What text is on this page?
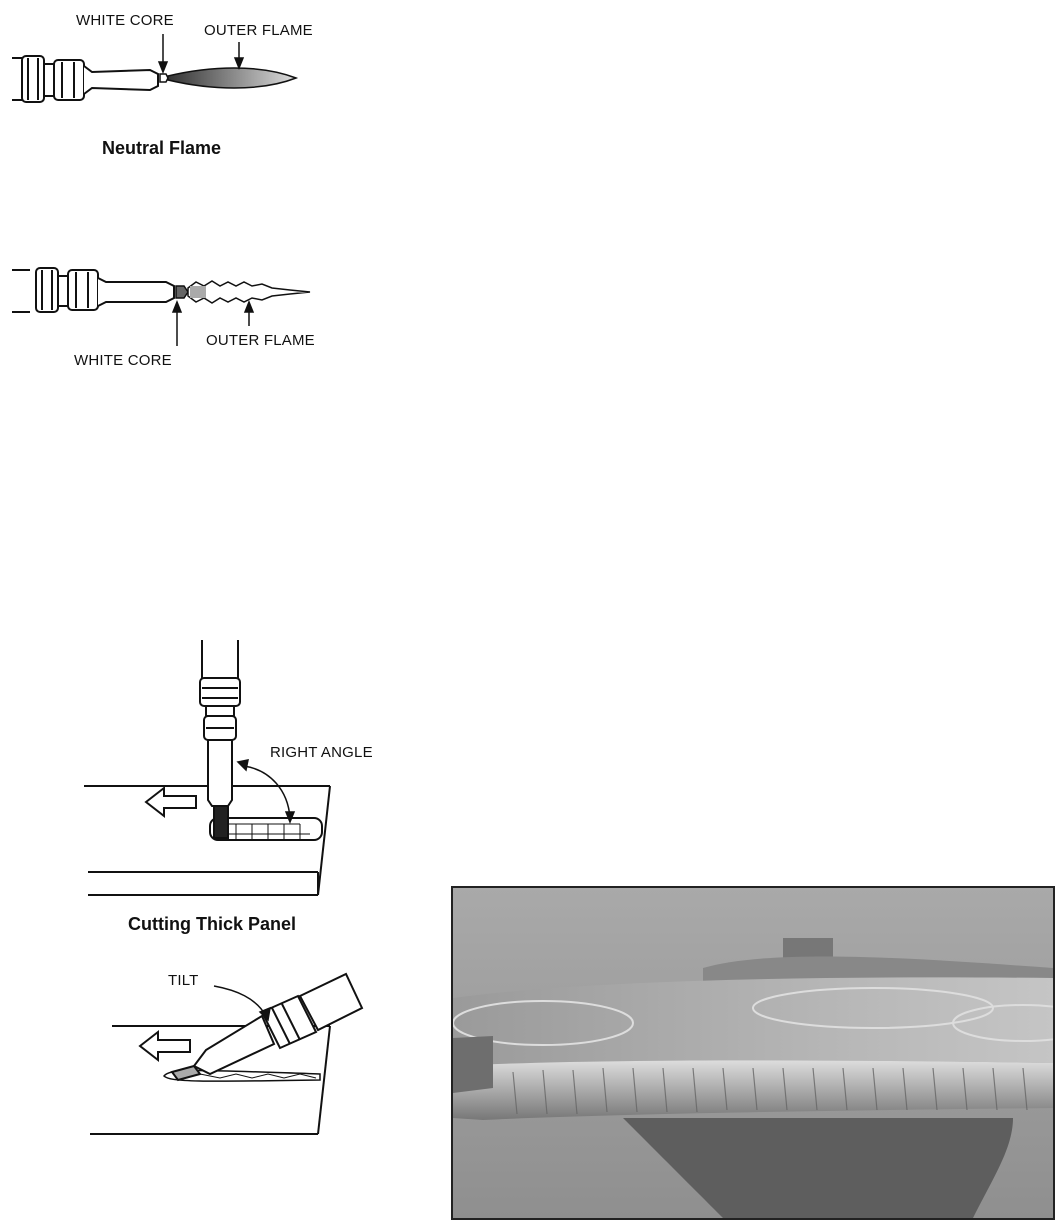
WHITE CORE
OUTER FLAME
Neutral Flame
OUTER FLAME
WHITE CORE
RIGHT ANGLE
Cutting Thick Panel
TILT
